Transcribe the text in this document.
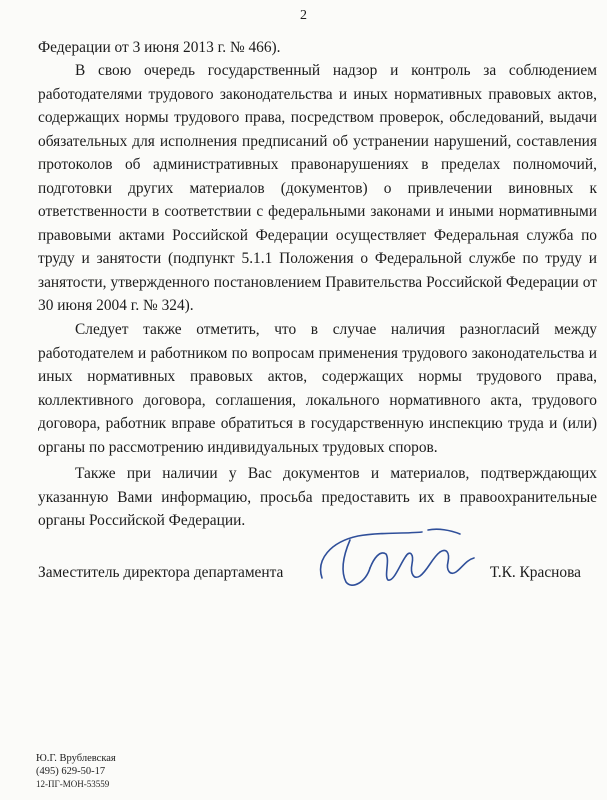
2

Федерации от 3 июня 2013 г. № 466).

В свою очередь государственный надзор и контроль за соблюдением работодателями трудового законодательства и иных нормативных правовых актов, содержащих нормы трудового права, посредством проверок, обследований, выдачи обязательных для исполнения предписаний об устранении нарушений, составления протоколов об административных правонарушениях в пределах полномочий, подготовки других материалов (документов) о привлечении виновных к ответственности в соответствии с федеральными законами и иными нормативными правовыми актами Российской Федерации осуществляет Федеральная служба по труду и занятости (подпункт 5.1.1 Положения о Федеральной службе по труду и занятости, утвержденного постановлением Правительства Российской Федерации от 30 июня 2004 г. № 324).

Следует также отметить, что в случае наличия разногласий между работодателем и работником по вопросам применения трудового законодательства и иных нормативных правовых актов, содержащих нормы трудового права, коллективного договора, соглашения, локального нормативного акта, трудового договора, работник вправе обратиться в государственную инспекцию труда и (или) органы по рассмотрению индивидуальных трудовых споров.

Также при наличии у Вас документов и материалов, подтверждающих указанную Вами информацию, просьба предоставить их в правоохранительные органы Российской Федерации.

Заместитель директора департамента	Т.К. Краснова
Ю.Г. Врублевская
(495) 629-50-17
12-ПГ-МОН-53559
